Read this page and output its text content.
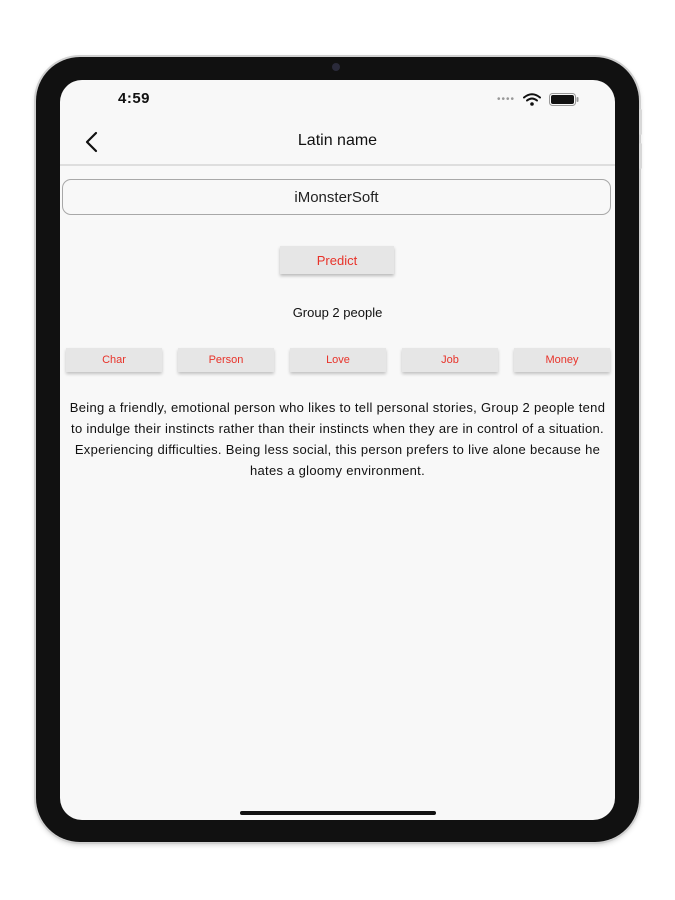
4:59	••••
Latin name
iMonsterSoft
Predict
Group 2 people
Char	Person	Love	Job	Money
Being a friendly, emotional person who likes to tell personal stories, Group 2 people tend to indulge their instincts rather than their instincts when they are in control of a situation. Experiencing difficulties. Being less social, this person prefers to live alone because he hates a gloomy environment.
